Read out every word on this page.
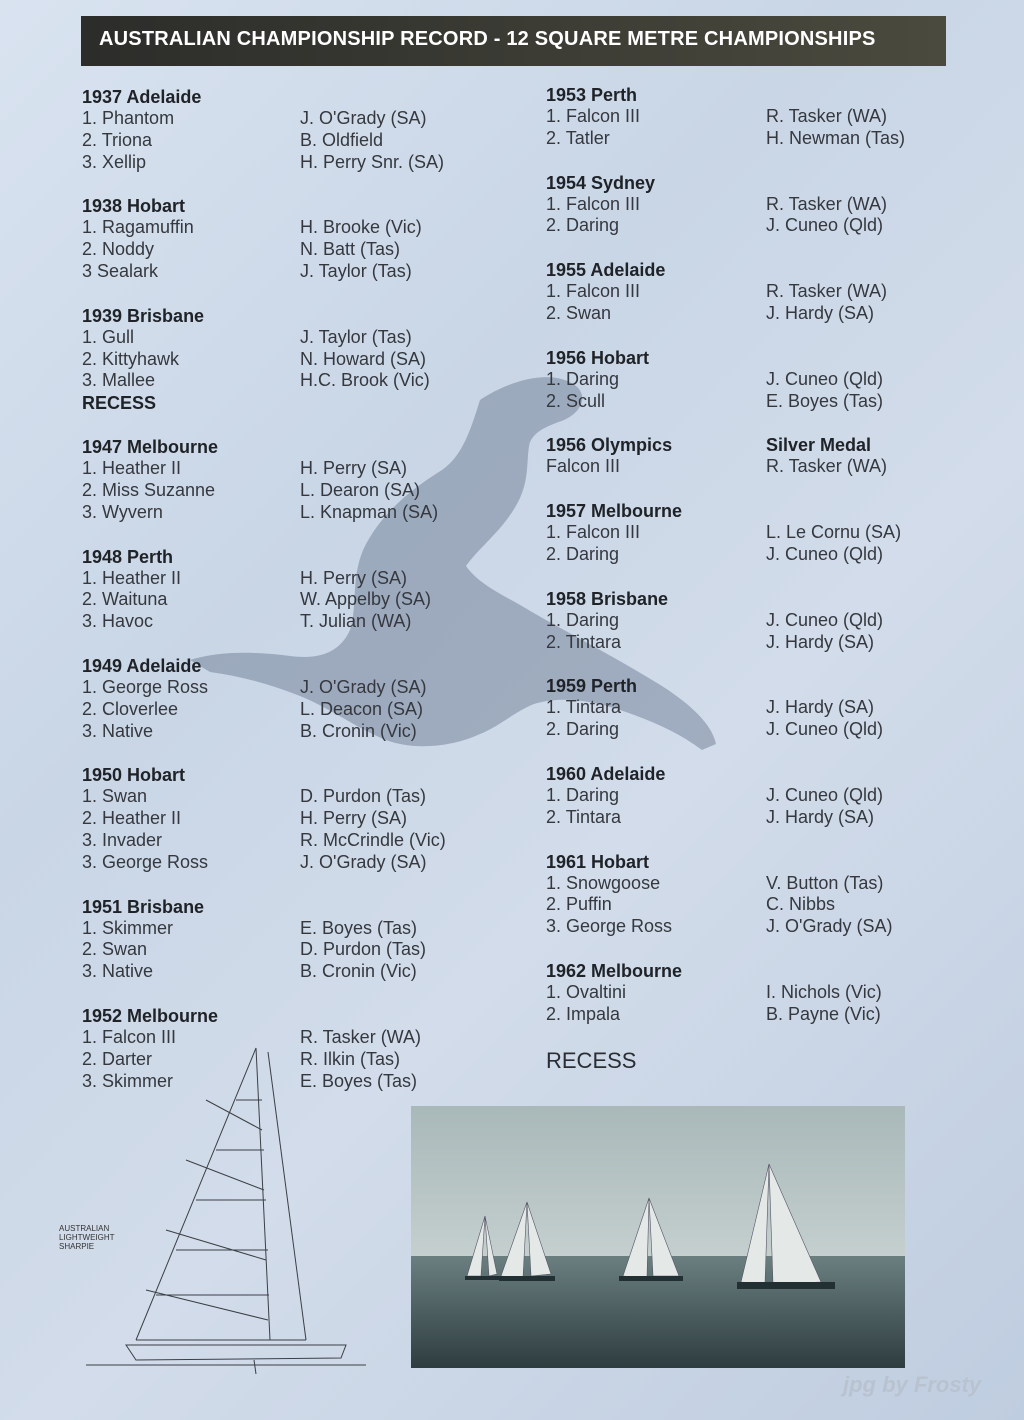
AUSTRALIAN CHAMPIONSHIP RECORD - 12 SQUARE METRE CHAMPIONSHIPS
1937 Adelaide
1. Phantom	J. O'Grady (SA)
2. Triona	B. Oldfield
3. Xellip	H. Perry Snr. (SA)
1938 Hobart
1. Ragamuffin	H. Brooke (Vic)
2. Noddy	N. Batt (Tas)
3 Sealark	J. Taylor (Tas)
1939 Brisbane
1. Gull	J. Taylor (Tas)
2. Kittyhawk	N. Howard (SA)
3. Mallee	H.C. Brook (Vic)
RECESS
1947 Melbourne
1. Heather II	H. Perry (SA)
2. Miss Suzanne	L. Dearon (SA)
3. Wyvern	L. Knapman (SA)
1948 Perth
1. Heather II	H. Perry (SA)
2. Waituna	W. Appelby (SA)
3. Havoc	T. Julian (WA)
1949 Adelaide
1. George Ross	J. O'Grady (SA)
2. Cloverlee	L. Deacon (SA)
3. Native	B. Cronin (Vic)
1950 Hobart
1. Swan	D. Purdon (Tas)
2. Heather II	H. Perry (SA)
3. Invader	R. McCrindle (Vic)
3. George Ross	J. O'Grady (SA)
1951 Brisbane
1. Skimmer	E. Boyes (Tas)
2. Swan	D. Purdon (Tas)
3. Native	B. Cronin (Vic)
1952 Melbourne
1. Falcon III	R. Tasker (WA)
2. Darter	R. Ilkin (Tas)
3. Skimmer	E. Boyes (Tas)
1953 Perth
1. Falcon III	R. Tasker (WA)
2. Tatler	H. Newman (Tas)
1954 Sydney
1. Falcon III	R. Tasker (WA)
2. Daring	J. Cuneo (Qld)
1955 Adelaide
1. Falcon III	R. Tasker (WA)
2. Swan	J. Hardy (SA)
1956 Hobart
1. Daring	J. Cuneo (Qld)
2. Scull	E. Boyes (Tas)
1956 Olympics	Silver Medal
Falcon III	R. Tasker (WA)
1957 Melbourne
1. Falcon III	L. Le Cornu (SA)
2. Daring	J. Cuneo (Qld)
1958 Brisbane
1. Daring	J. Cuneo (Qld)
2. Tintara	J. Hardy (SA)
1959 Perth
1. Tintara	J. Hardy (SA)
2. Daring	J. Cuneo (Qld)
1960 Adelaide
1. Daring	J. Cuneo (Qld)
2. Tintara	J. Hardy (SA)
1961 Hobart
1. Snowgoose	V. Button (Tas)
2. Puffin	C. Nibbs
3. George Ross	J. O'Grady (SA)
1962 Melbourne
1. Ovaltini	I. Nichols (Vic)
2. Impala	B. Payne (Vic)
RECESS
AUSTRALIAN
LIGHTWEIGHT
SHARPIE
jpg by Frosty
